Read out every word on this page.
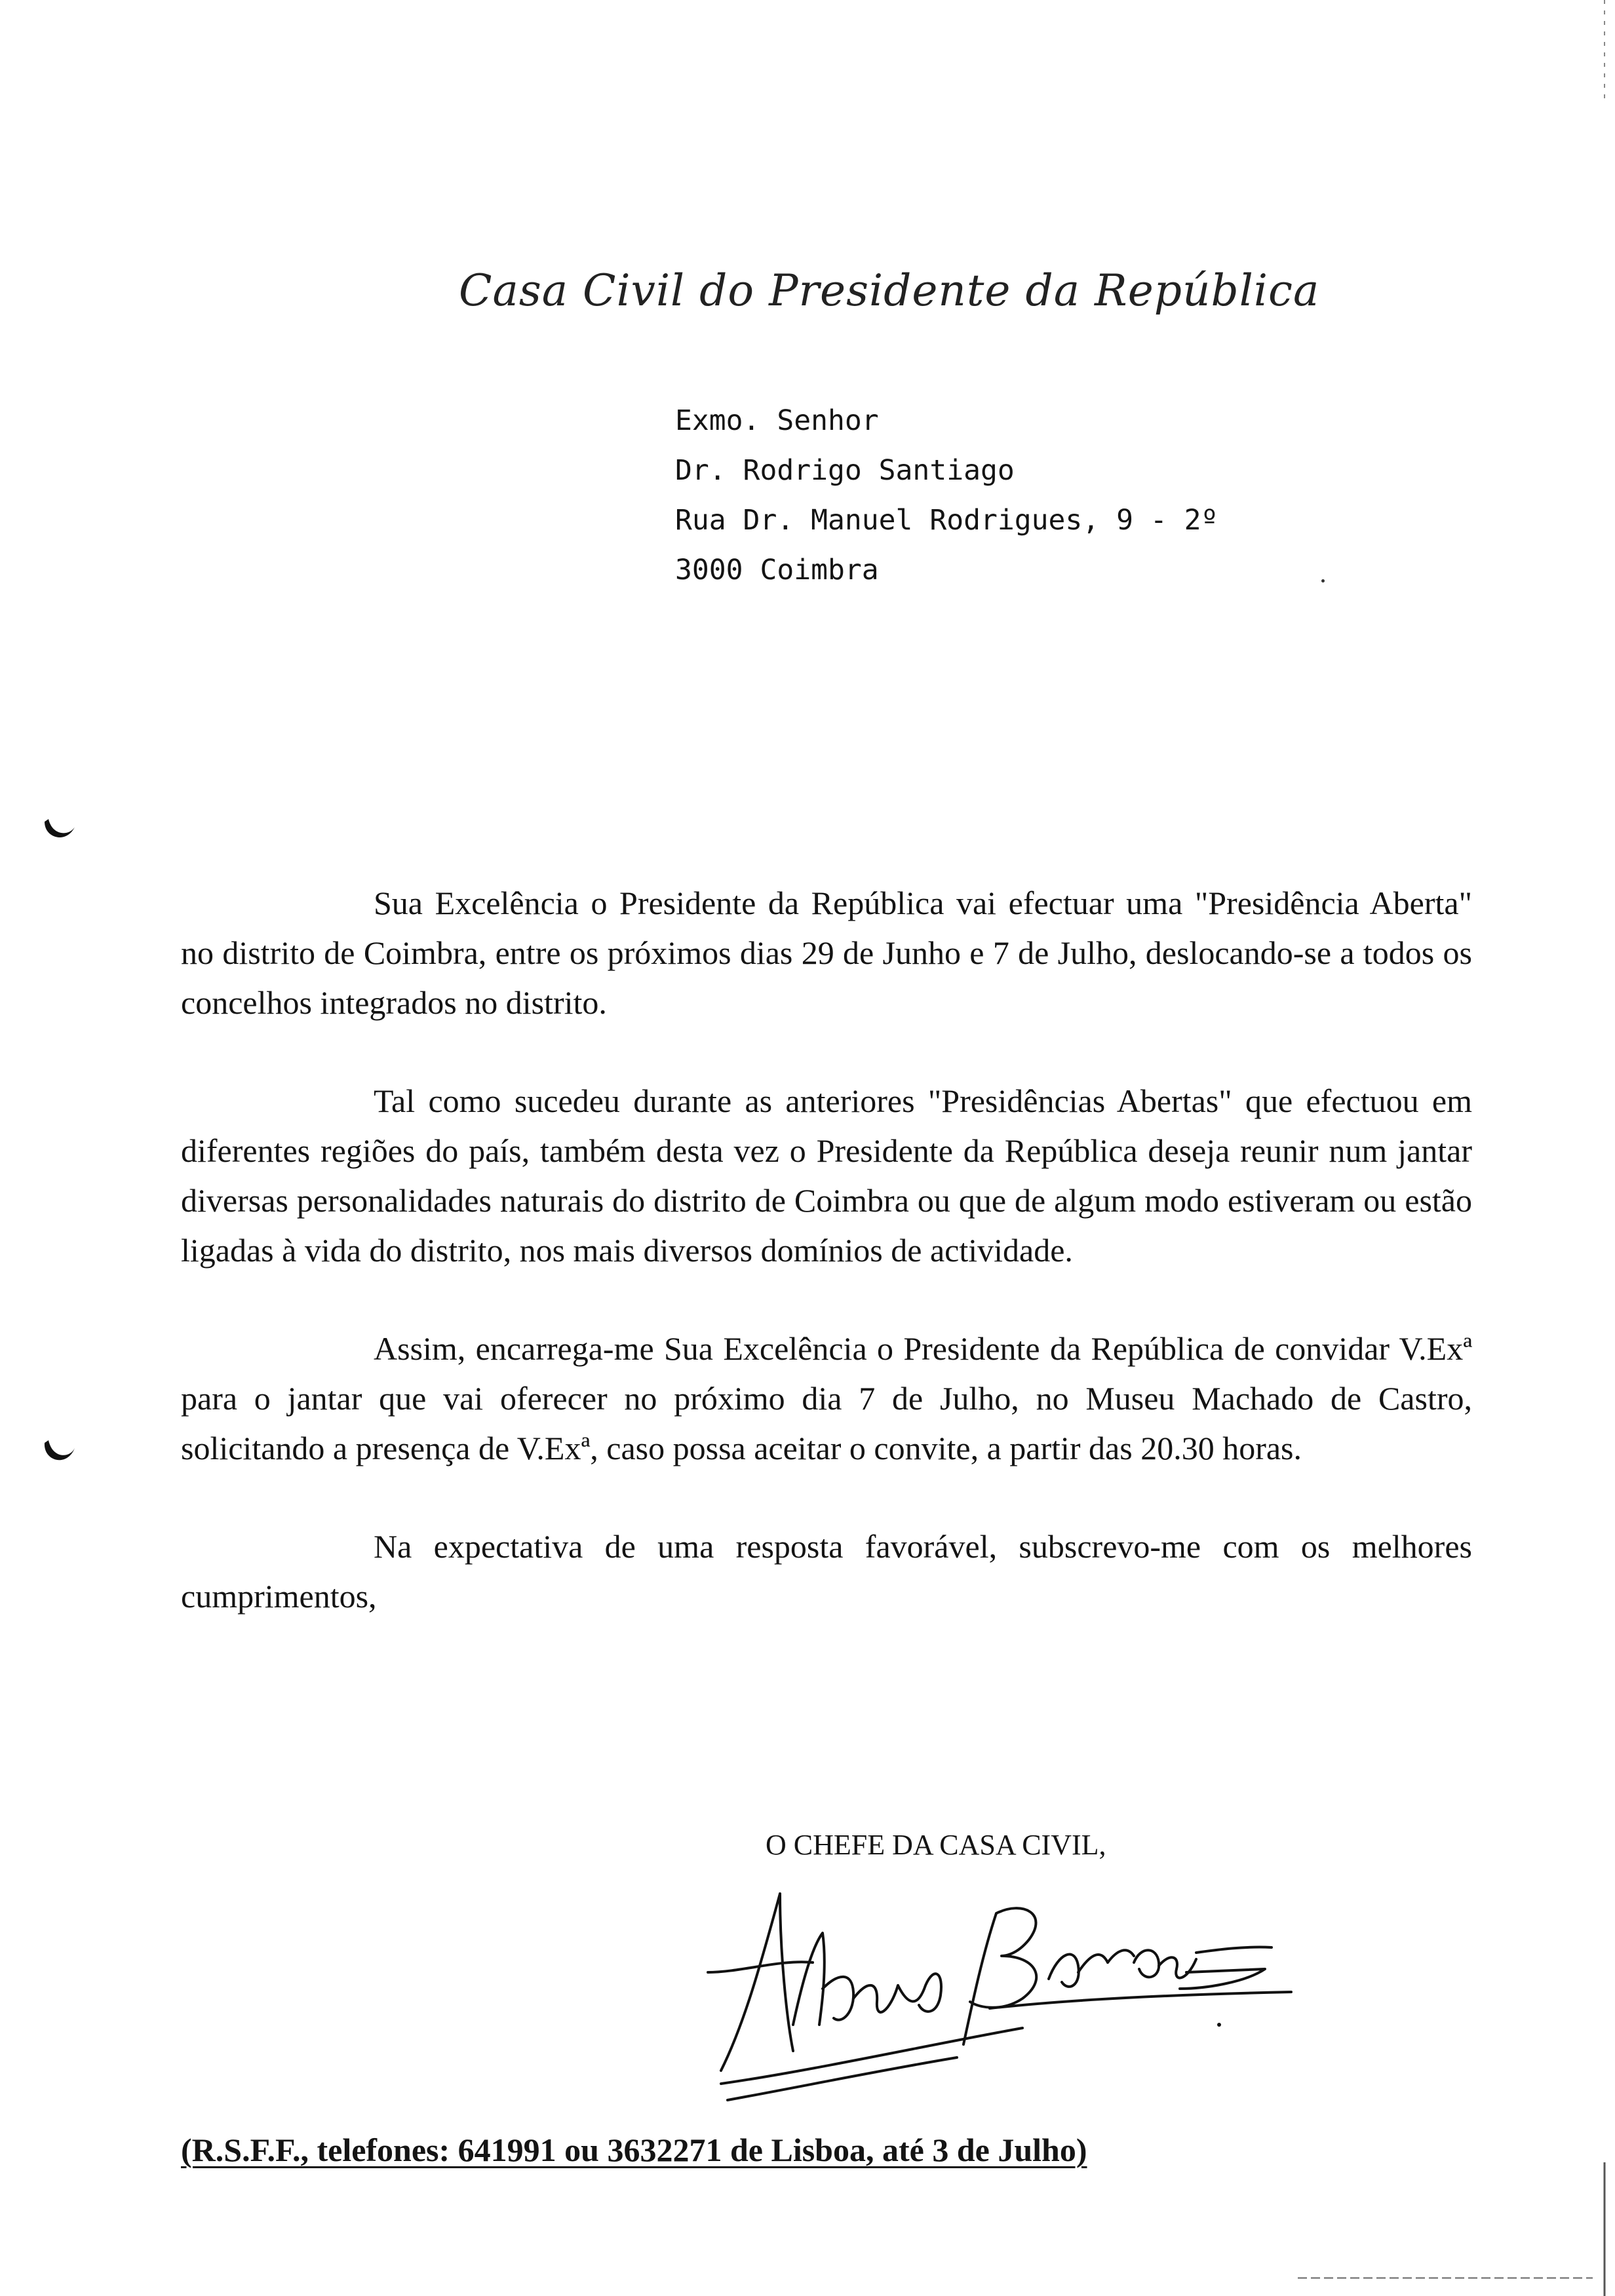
Casa Civil do Presidente da República
Exmo. Senhor
Dr. Rodrigo Santiago
Rua Dr. Manuel Rodrigues, 9 - 2º
3000 Coimbra

Sua Excelência o Presidente da República vai efectuar uma "Presidência Aberta" no distrito de Coimbra, entre os próximos dias 29 de Junho e 7 de Julho, deslocando-se a todos os concelhos integrados no distrito.

Tal como sucedeu durante as anteriores "Presidências Abertas" que efectuou em diferentes regiões do país, também desta vez o Presidente da República deseja reunir num jantar diversas personalidades naturais do distrito de Coimbra ou que de algum modo estiveram ou estão ligadas à vida do distrito, nos mais diversos domínios de actividade.

Assim, encarrega-me Sua Excelência o Presidente da República de convidar V.Exª para o jantar que vai oferecer no próximo dia 7 de Julho, no Museu Machado de Castro, solicitando a presença de V.Exª, caso possa aceitar o convite, a partir das 20.30 horas.

Na expectativa de uma resposta favorável, subscrevo-me com os melhores cumprimentos,

O CHEFE DA CASA CIVIL,
(R.S.F.F., telefones: 641991 ou 3632271 de Lisboa, até 3 de Julho)
